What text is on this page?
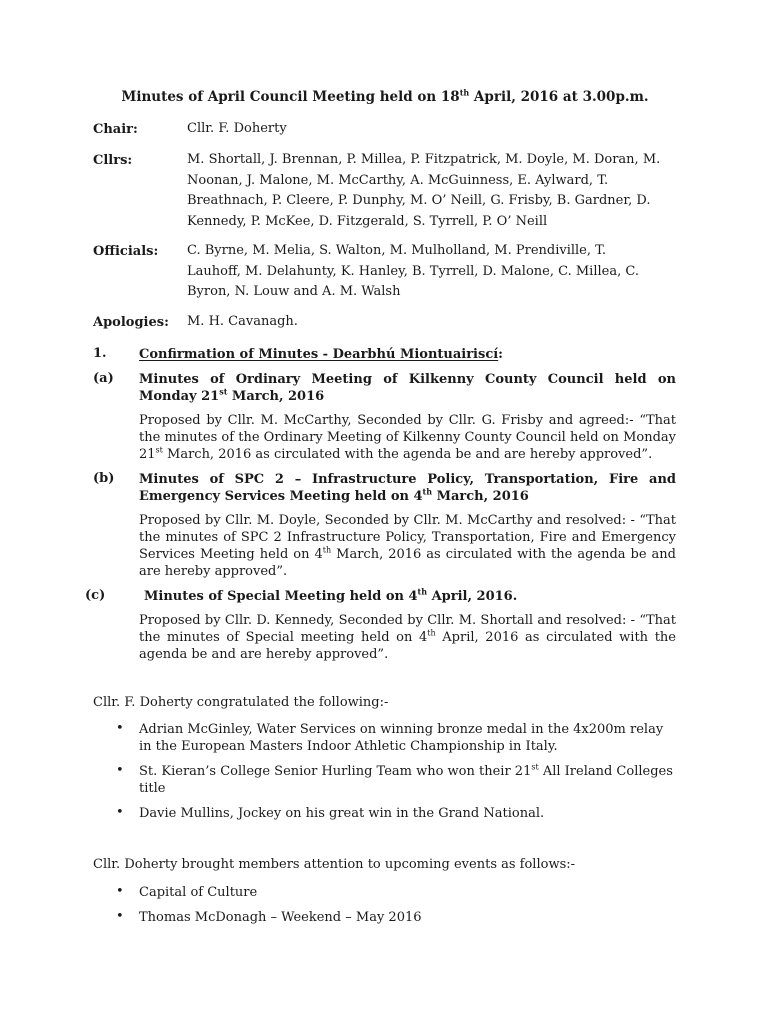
Minutes of April Council Meeting held on 18th April, 2016 at 3.00p.m.
Chair:	Cllr. F. Doherty
Cllrs:	M. Shortall, J. Brennan, P. Millea, P. Fitzpatrick, M. Doyle, M. Doran, M. Noonan, J. Malone, M. McCarthy, A. McGuinness, E. Aylward, T. Breathnach, P. Cleere, P. Dunphy, M. O’ Neill, G. Frisby, B. Gardner, D. Kennedy, P. McKee, D. Fitzgerald, S. Tyrrell, P. O’ Neill
Officials: C. Byrne, M. Melia, S. Walton, M. Mulholland, M. Prendiville, T. Lauhoff, M. Delahunty, K. Hanley, B. Tyrrell, D. Malone, C. Millea, C. Byron, N. Louw and A. M. Walsh
Apologies: M. H. Cavanagh.
1. Confirmation of Minutes - Dearbhú Miontuairiscí:
(a) Minutes of Ordinary Meeting of Kilkenny County Council held on Monday 21st March, 2016
Proposed by Cllr. M. McCarthy, Seconded by Cllr. G. Frisby and agreed:- “That the minutes of the Ordinary Meeting of Kilkenny County Council held on Monday 21st March, 2016 as circulated with the agenda be and are hereby approved”.
(b) Minutes of SPC 2 – Infrastructure Policy, Transportation, Fire and Emergency Services Meeting held on 4th March, 2016
Proposed by Cllr. M. Doyle, Seconded by Cllr. M. McCarthy and resolved: - “That the minutes of SPC 2 Infrastructure Policy, Transportation, Fire and Emergency Services Meeting held on 4th March, 2016 as circulated with the agenda be and are hereby approved”.
(c)	Minutes of Special Meeting held on 4th April, 2016.
Proposed by Cllr. D. Kennedy, Seconded by Cllr. M. Shortall and resolved: - “That the minutes of Special meeting held on 4th April, 2016 as circulated with the agenda be and are hereby approved”.
Cllr. F. Doherty congratulated the following:-
• Adrian McGinley, Water Services on winning bronze medal in the 4x200m relay in the European Masters Indoor Athletic Championship in Italy.
• St. Kieran’s College Senior Hurling Team who won their 21st All Ireland Colleges title
• Davie Mullins, Jockey on his great win in the Grand National.
Cllr. Doherty brought members attention to upcoming events as follows:-
• Capital of Culture
• Thomas McDonagh – Weekend – May 2016
